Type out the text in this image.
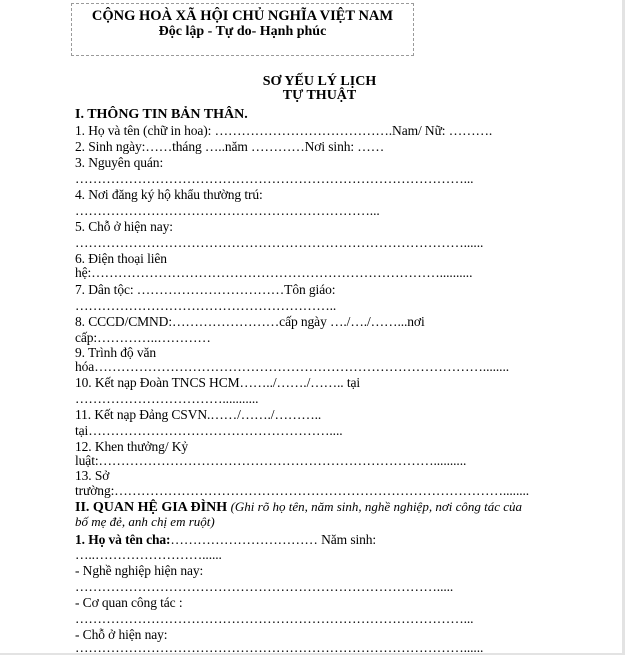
CỘNG HOÀ XÃ HỘI CHỦ NGHĨA VIỆT NAM
Độc lập - Tự do- Hạnh phúc
SƠ YẾU LÝ LỊCH
TỰ THUẬT
I. THÔNG TIN BẢN THÂN.
1. Họ và tên (chữ in hoa): ………………………………….Nam/ Nữ: ……….
2. Sinh ngày:……tháng …..năm …………Nơi sinh: ……
3. Nguyên quán:
……………………………………………………………………………...
4. Nơi đăng ký hộ khẩu thường trú:
…………………………………………………………...
5. Chỗ ở hiện nay:
……………………………………………………………………………......
6. Điện thoại liên
hệ:……………………………………………………………………..........
7. Dân tộc: ……………………………Tôn giáo:
…………………………………………………..
8. CCCD/CMND:……………………cấp ngày …./…./……...nơi
cấp:…………..…………
9. Trình độ văn
hóa……………………………………………………………………………........
10. Kết nạp Đoàn TNCS HCM……../……./…….. tại
……………………………...........
11. Kết nạp Đảng CSVN.……/……./………..
tại………………………………………………....
12. Khen thưởng/ Kỷ
luật:…………………………………………………………………..........
13. Sở
trường:……………………………………………………………………………........
II. QUAN HỆ GIA ĐÌNH (Ghi rõ họ tên, năm sinh, nghề nghiệp, nơi công tác của
bố mẹ đẻ, anh chị em ruột)
1. Họ và tên cha:…………………………… Năm sinh:
…..……………………......
- Nghề nghiệp hiện nay:
……………………………………………………………………….....
- Cơ quan công tác :
……………………………………………………………………………...
- Chỗ ở hiện nay:
……………………………………………………………………………......
